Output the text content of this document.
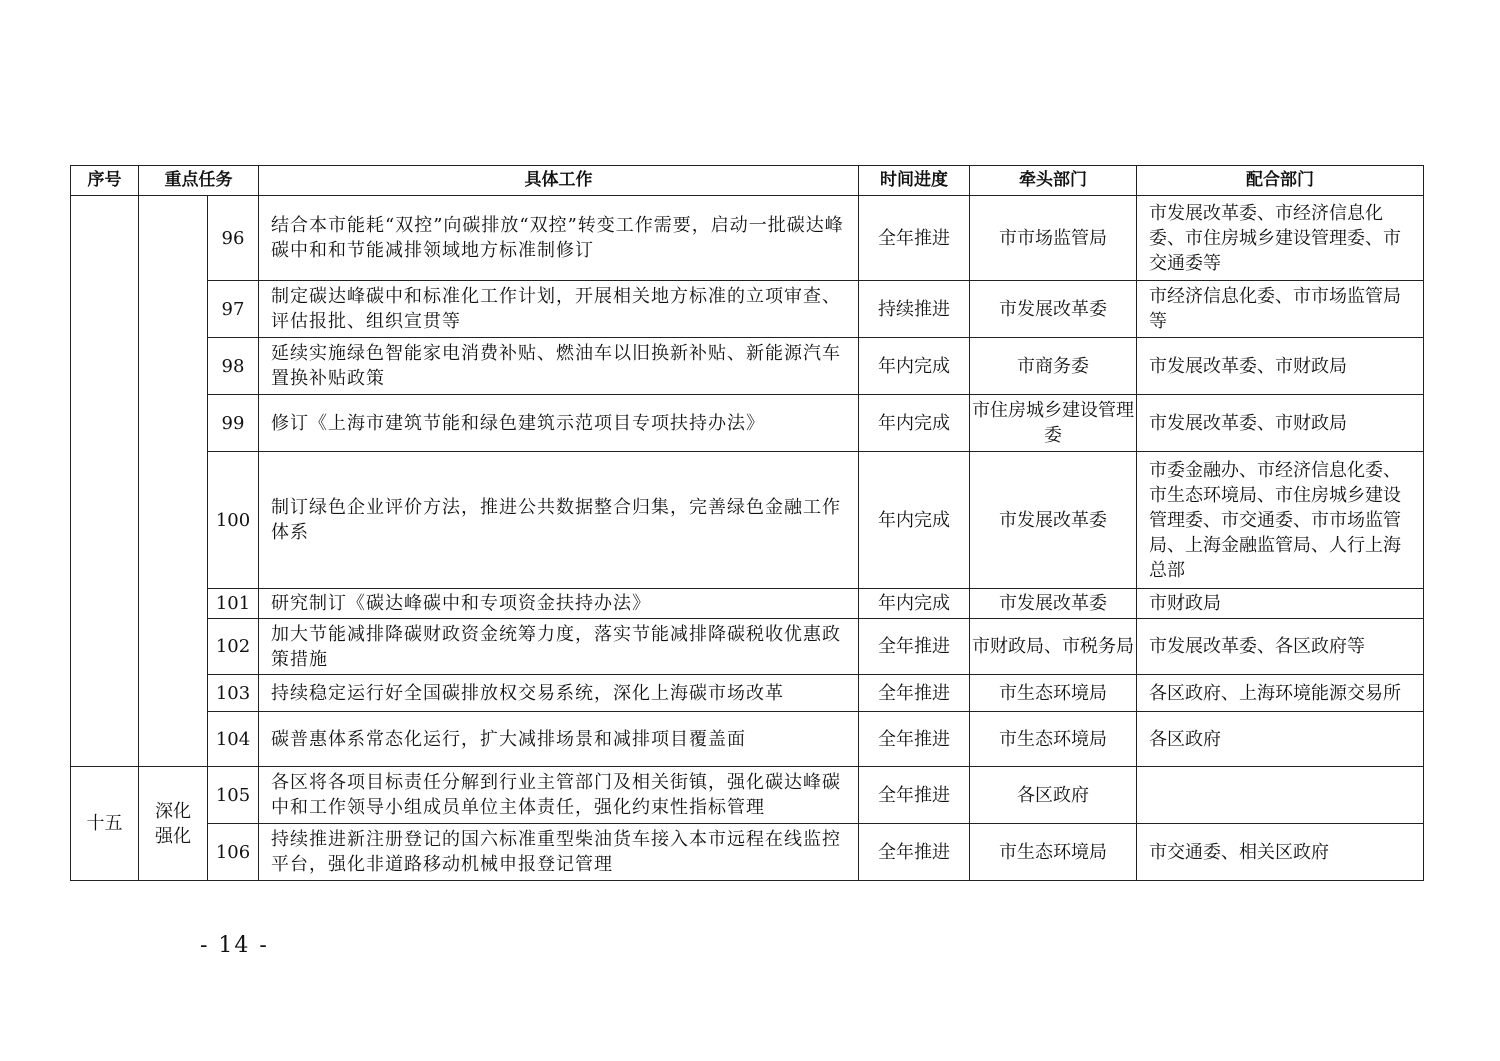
序号	重点任务		具体工作	时间进度	牵头部门	配合部门
		96	结合本市能耗“双控”向碳排放“双控”转变工作需要，启动一批碳达峰碳中和和节能减排领域地方标准制修订	全年推进	市市场监管局	市发展改革委、市经济信息化委、市住房城乡建设管理委、市交通委等
		97	制定碳达峰碳中和标准化工作计划，开展相关地方标准的立项审查、评估报批、组织宣贯等	持续推进	市发展改革委	市经济信息化委、市市场监管局等
		98	延续实施绿色智能家电消费补贴、燃油车以旧换新补贴、新能源汽车置换补贴政策	年内完成	市商务委	市发展改革委、市财政局
		99	修订《上海市建筑节能和绿色建筑示范项目专项扶持办法》	年内完成	市住房城乡建设管理委	市发展改革委、市财政局
		100	制订绿色企业评价方法，推进公共数据整合归集，完善绿色金融工作体系	年内完成	市发展改革委	市委金融办、市经济信息化委、市生态环境局、市住房城乡建设管理委、市交通委、市市场监管局、上海金融监管局、人行上海总部
		101	研究制订《碳达峰碳中和专项资金扶持办法》	年内完成	市发展改革委	市财政局
		102	加大节能减排降碳财政资金统筹力度，落实节能减排降碳税收优惠政策措施	全年推进	市财政局、市税务局	市发展改革委、各区政府等
		103	持续稳定运行好全国碳排放权交易系统，深化上海碳市场改革	全年推进	市生态环境局	各区政府、上海环境能源交易所
		104	碳普惠体系常态化运行，扩大减排场景和减排项目覆盖面	全年推进	市生态环境局	各区政府
十五	深化强化	105	各区将各项目标责任分解到行业主管部门及相关街镇，强化碳达峰碳中和工作领导小组成员单位主体责任，强化约束性指标管理	全年推进	各区政府	
		106	持续推进新注册登记的国六标准重型柴油货车接入本市远程在线监控平台，强化非道路移动机械申报登记管理	全年推进	市生态环境局	市交通委、相关区政府
- 14 -
